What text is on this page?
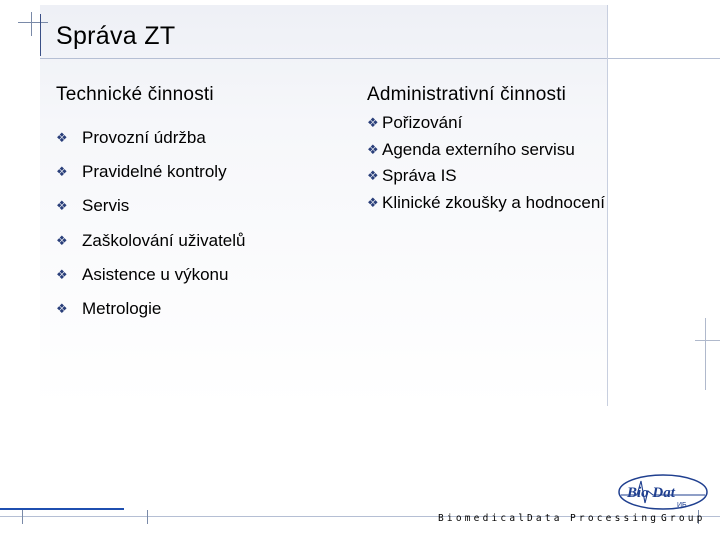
Správa ZT
Technické činnosti	Administrativní činnosti
❖ Provozní údržba
❖ Pravidelné kontroly
❖ Servis
❖ Zaškolování uživatelů
❖ Asistence u výkonu
❖ Metrologie
❖ Pořizování
❖ Agenda externího servisu
❖ Správa IS
❖ Klinické zkoušky a hodnocení
Bio Dat
ИБ
Biomedical Data Processing Group
